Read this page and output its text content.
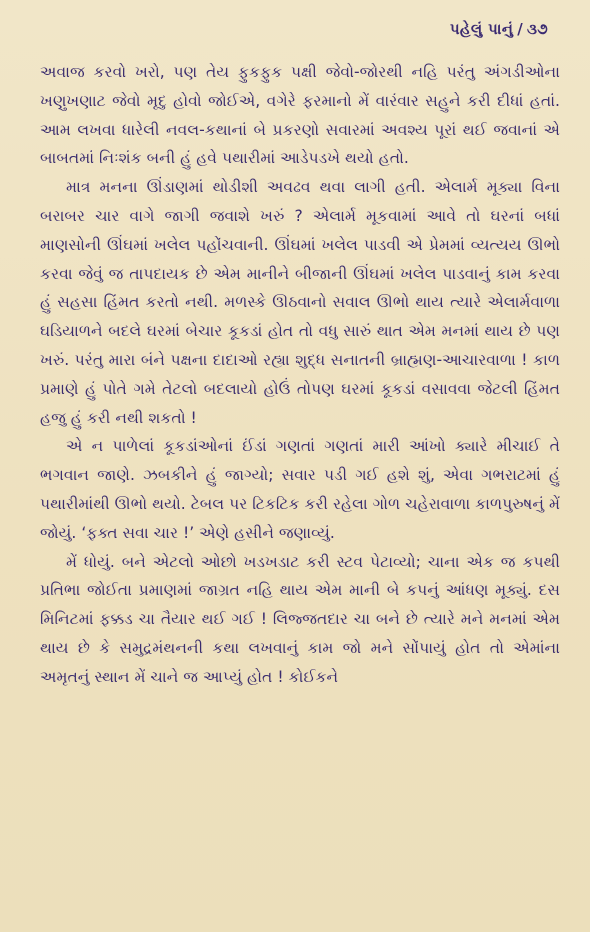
પહેલું પાનું / ૩૭

અવાજ કરવો ખરો, પણ તેય ફુકફુક પક્ષી જેવો-જોરથી નહિ પરંતુ અંગડીઓના ખણુખણાટ જેવો મૃદુ હોવો જોઈએ, વગેરે ફરમાનો મેં વારંવાર સહુને કરી દીધાં હતાં. આમ લખવા ધારેલી નવલ-કથાનાં બે પ્રકરણો સવારમાં અવશ્ય પૂરાં થઈ જવાનાં એ બાબતમાં નિઃશંક બની હું હવે પથારીમાં આડેપડખે થયો હતો.

માત્ર મનના ઊંડાણમાં થોડીશી અવઢવ થવા લાગી હતી. એલાર્મ મૂક્યા વિના બરાબર ચાર વાગે જાગી જવાશે ખરું ? એલાર્મ મૂકવામાં આવે તો ઘરનાં બધાં માણસોની ઊંઘમાં ખલેલ પહોંચવાની. ઊંઘમાં ખલેલ પાડવી એ પ્રેમમાં વ્યત્યય ઊભો કરવા જેવું જ તાપદાયક છે એમ માનીને બીજાની ઊંઘમાં ખલેલ પાડવાનું કામ કરવા હું સહસા હિંમત કરતો નથી. મળસ્કે ઊઠવાનો સવાલ ઊભો થાય ત્યારે એલાર્મવાળા ઘડિયાળને બદલે ઘરમાં બેચાર કૂકડાં હોત તો વધુ સારું થાત એમ મનમાં થાય છે પણ ખરું. પરંતુ મારા બંને પક્ષના દાદાઓ રહ્યા શુદ્ધ સનાતની બ્રાહ્મણ-આચારવાળા ! કાળ પ્રમાણે હું પોતે ગમે તેટલો બદલાયો હોઉં તોપણ ઘરમાં કૂકડાં વસાવવા જેટલી હિંમત હજુ હું કરી નથી શકતો !

એ ન પાળેલાં કૂકડાંઓનાં ઈંડાં ગણતાં ગણતાં મારી આંખો ક્યારે મીચાઈ તે ભગવાન જાણે. ઝબકીને હું જાગ્યો; સવાર પડી ગઈ હશે શું, એવા ગભરાટમાં હું પથારીમાંથી ઊભો થયો. ટેબલ પર ટિકટિક કરી રહેલા ગોળ ચહેરાવાળા કાળપુરુષનું મેં જોયું. ‘ફક્ત સવા ચાર !’ એણે હસીને જણાવ્યું.

મેં ધોયું. બને એટલો ઓછો ખડખડાટ કરી સ્ટવ પેટાવ્યો; ચાના એક જ કપથી પ્રતિભા જોઈતા પ્રમાણમાં જાગ્રત નહિ થાય એમ માની બે કપનું આંધણ મૂક્યું. દસ મિનિટમાં ફક્કડ ચા તૈયાર થઈ ગઈ ! લિજ્જતદાર ચા બને છે ત્યારે મને મનમાં એમ થાય છે કે સમુદ્રમંથનની કથા લખવાનું કામ જો મને સોંપાયું હોત તો એમાંના અમૃતનું સ્થાન મેં ચાને જ આપ્યું હોત ! કોઈકને
